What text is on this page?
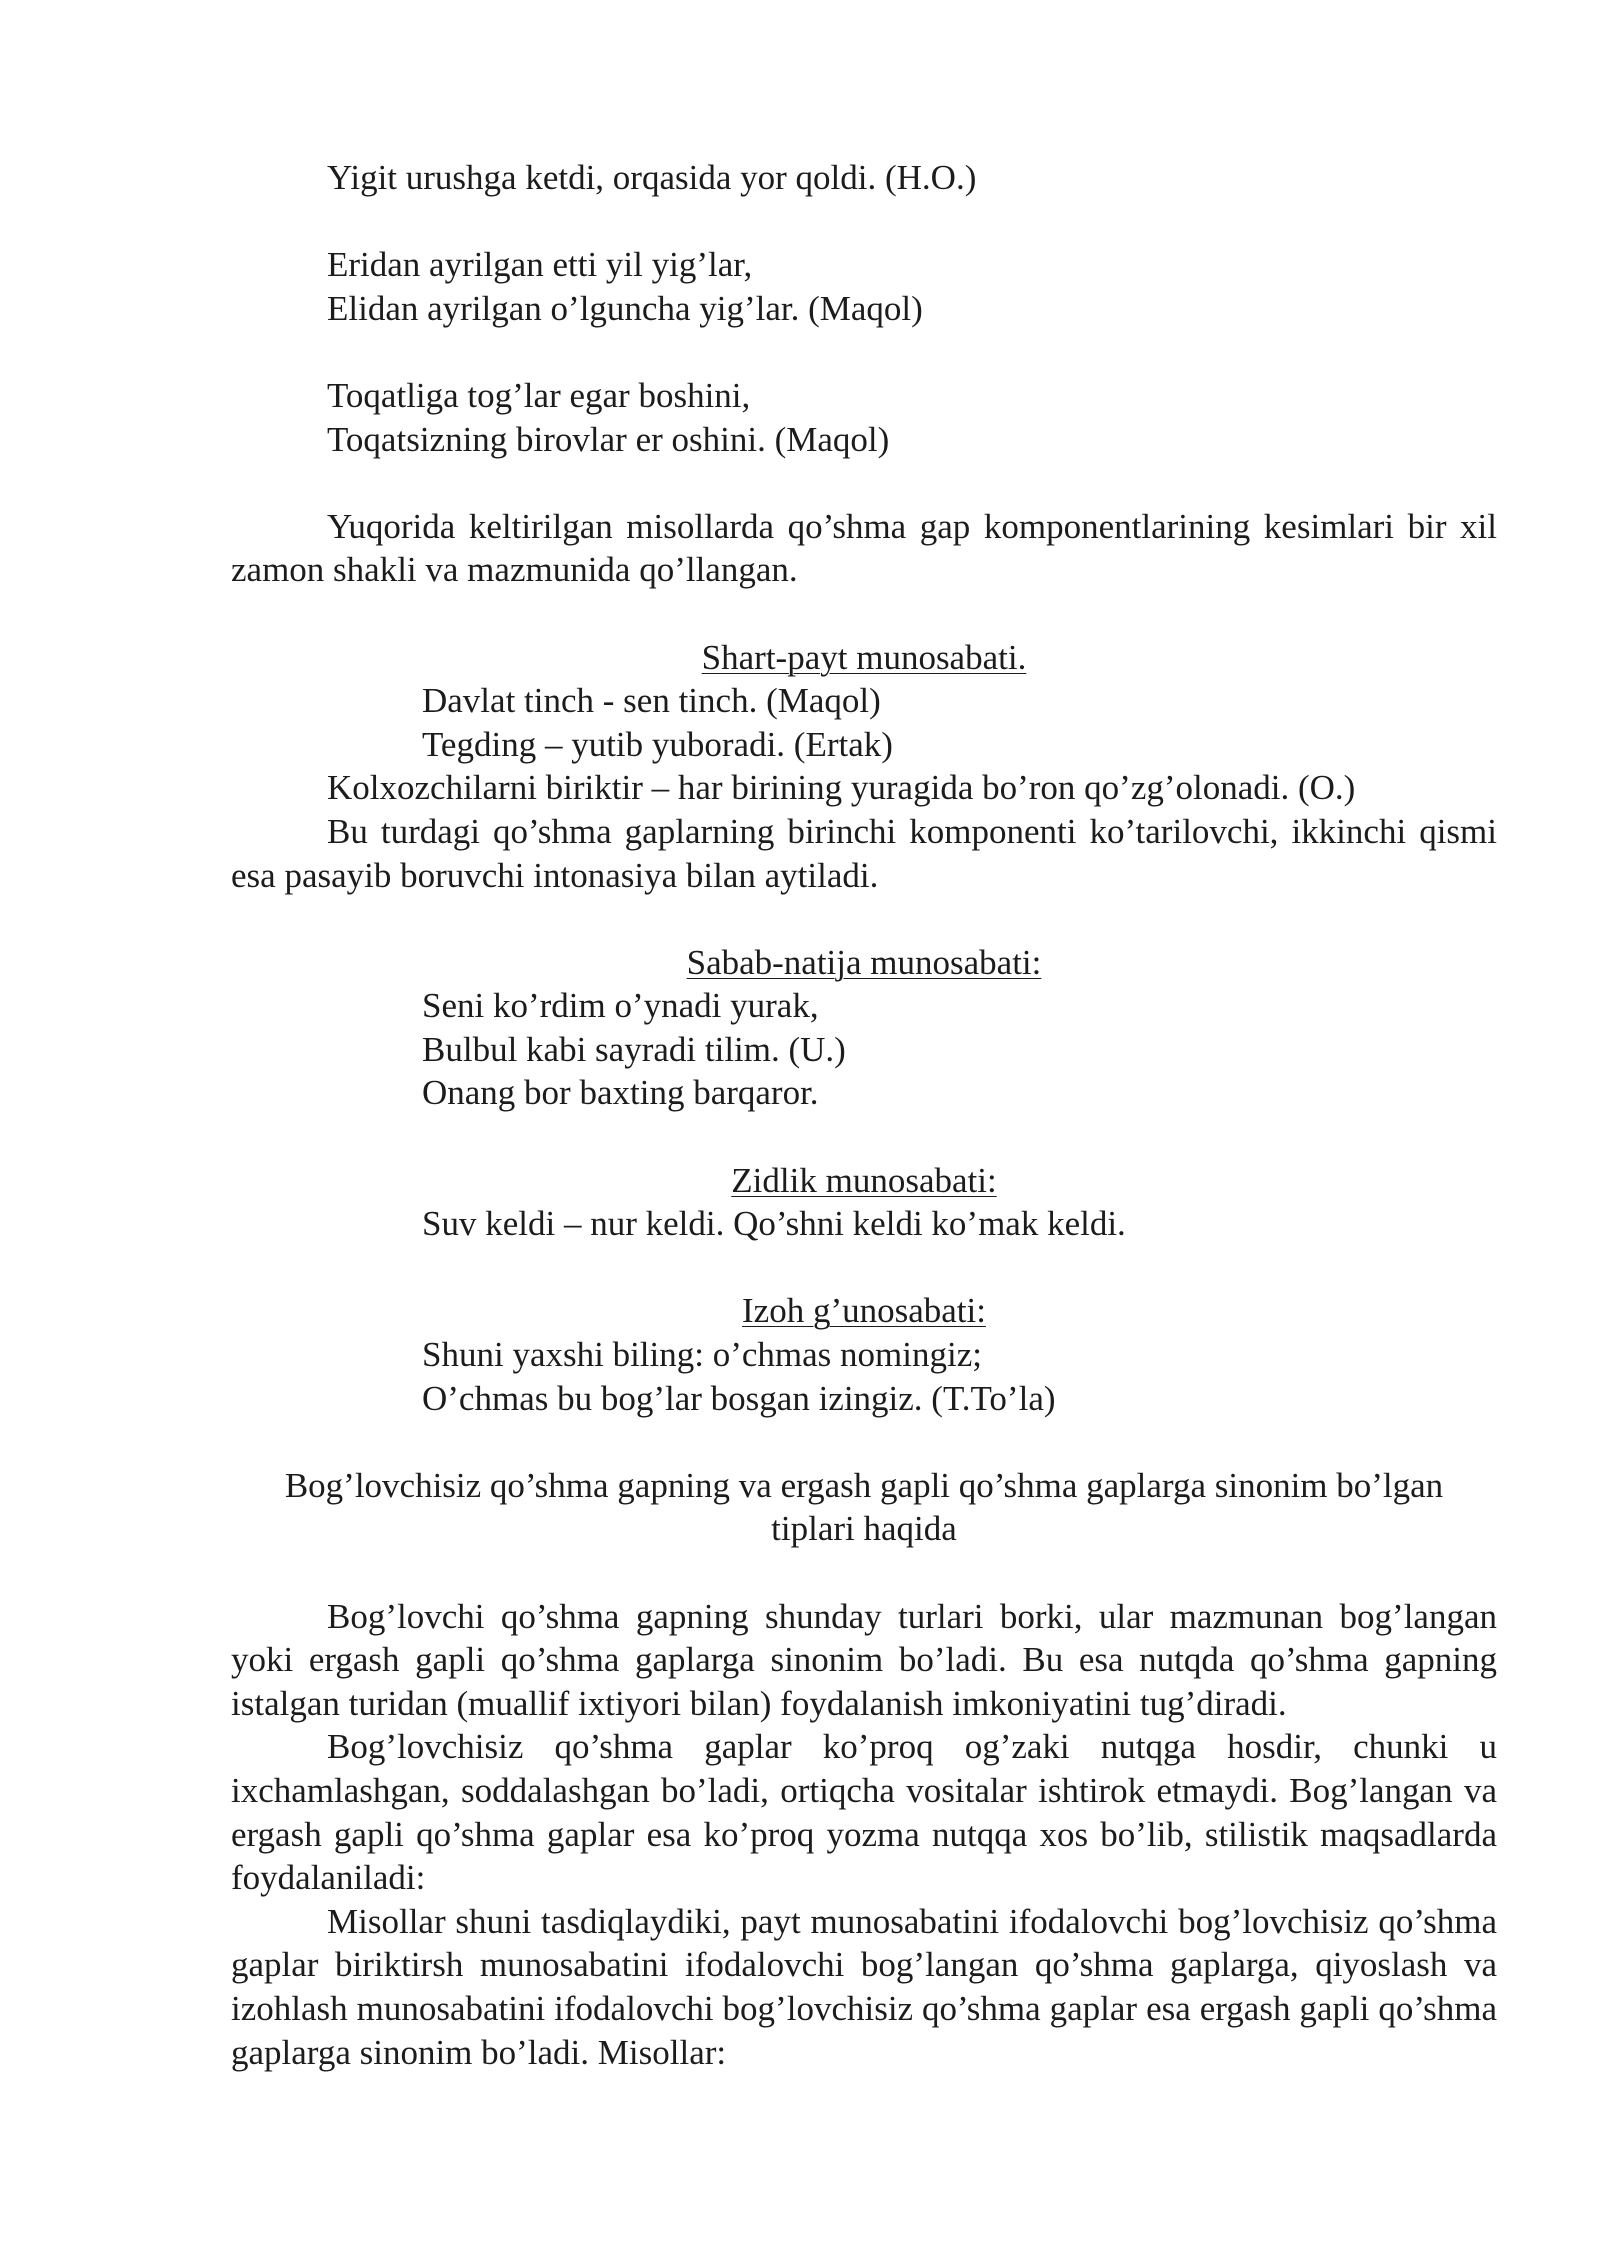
Yigit urushga ketdi, orqasida yor qoldi. (H.O.)

Eridan ayrilgan etti yil yig’lar,
Elidan ayrilgan o’lguncha yig’lar. (Maqol)
Toqatliga tog’lar egar boshini,
Toqatsizning birovlar er oshini. (Maqol)

Yuqorida keltirilgan misollarda qo’shma gap komponentlarining kesimlari bir xil zamon shakli va mazmunida qo’llangan.

Shart-payt munosabati.

Davlat tinch - sen tinch. (Maqol)

Tegding – yutib yuboradi. (Ertak)

Kolxozchilarni biriktir – har birining yuragida bo’ron qo’zg’olonadi. (O.)

Bu turdagi qo’shma gaplarning birinchi komponenti ko’tarilovchi, ikkinchi qismi esa pasayib boruvchi intonasiya bilan aytiladi.

Sabab-natija munosabati:

Seni ko’rdim o’ynadi yurak,

Bulbul kabi sayradi tilim. (U.)

Onang bor baxting barqaror.

Zidlik munosabati:

Suv keldi – nur keldi. Qo’shni keldi ko’mak keldi.

Izoh g’unosabati:

Shuni yaxshi biling: o’chmas nomingiz;

O’chmas bu bog’lar bosgan izingiz. (T.To’la)

Bog’lovchisiz qo’shma gapning va ergash gapli qo’shma gaplarga sinonim bo’lgan
tiplari haqida

Bog’lovchi qo’shma gapning shunday turlari borki, ular mazmunan bog’langan yoki ergash gapli qo’shma gaplarga sinonim bo’ladi. Bu esa nutqda qo’shma gapning istalgan turidan (muallif ixtiyori bilan) foydalanish imkoniyatini tug’diradi.

Bog’lovchisiz qo’shma gaplar ko’proq og’zaki nutqga hosdir, chunki u ixchamlashgan, soddalashgan bo’ladi, ortiqcha vositalar ishtirok etmaydi. Bog’langan va ergash gapli qo’shma gaplar esa ko’proq yozma nutqqa xos bo’lib, stilistik maqsadlarda foydalaniladi:

Misollar shuni tasdiqlaydiki, payt munosabatini ifodalovchi bog’lovchisiz qo’shma gaplar biriktirsh munosabatini ifodalovchi bog’langan qo’shma gaplarga, qiyoslash va izohlash munosabatini ifodalovchi bog’lovchisiz qo’shma gaplar esa ergash gapli qo’shma gaplarga sinonim bo’ladi. Misollar:
